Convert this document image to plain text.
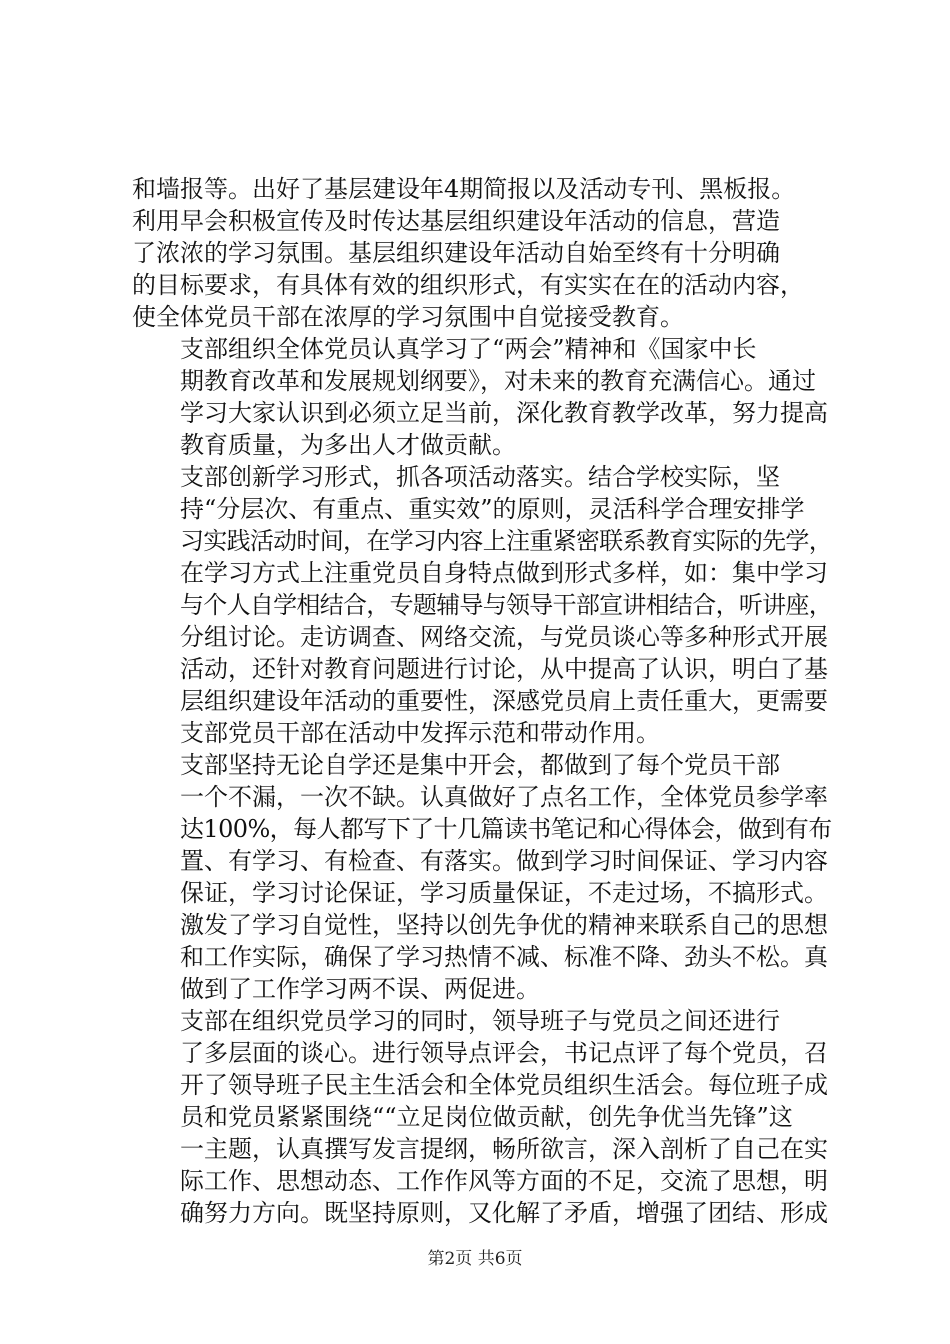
和墙报等。出好了基层建设年4期简报以及活动专刊、黑板报。
利用早会积极宣传及时传达基层组织建设年活动的信息，营造
了浓浓的学习氛围。基层组织建设年活动自始至终有十分明确
的目标要求，有具体有效的组织形式，有实实在在的活动内容，
使全体党员干部在浓厚的学习氛围中自觉接受教育。
支部组织全体党员认真学习了“两会”精神和《国家中长
期教育改革和发展规划纲要》，对未来的教育充满信心。通过
学习大家认识到必须立足当前，深化教育教学改革，努力提高
教育质量，为多出人才做贡献。
支部创新学习形式，抓各项活动落实。结合学校实际，坚
持“分层次、有重点、重实效”的原则，灵活科学合理安排学
习实践活动时间，在学习内容上注重紧密联系教育实际的先学，
在学习方式上注重党员自身特点做到形式多样，如：集中学习
与个人自学相结合，专题辅导与领导干部宣讲相结合，听讲座，
分组讨论。走访调查、网络交流，与党员谈心等多种形式开展
活动，还针对教育问题进行讨论，从中提高了认识，明白了基
层组织建设年活动的重要性，深感党员肩上责任重大，更需要
支部党员干部在活动中发挥示范和带动作用。
支部坚持无论自学还是集中开会，都做到了每个党员干部
一个不漏，一次不缺。认真做好了点名工作，全体党员参学率
达100%，每人都写下了十几篇读书笔记和心得体会，做到有布
置、有学习、有检查、有落实。做到学习时间保证、学习内容
保证，学习讨论保证，学习质量保证，不走过场，不搞形式。
激发了学习自觉性，坚持以创先争优的精神来联系自己的思想
和工作实际，确保了学习热情不减、标准不降、劲头不松。真
做到了工作学习两不误、两促进。
支部在组织党员学习的同时，领导班子与党员之间还进行
了多层面的谈心。进行领导点评会，书记点评了每个党员，召
开了领导班子民主生活会和全体党员组织生活会。每位班子成
员和党员紧紧围绕““立足岗位做贡献，创先争优当先锋”这
一主题，认真撰写发言提纲，畅所欲言，深入剖析了自己在实
际工作、思想动态、工作作风等方面的不足，交流了思想，明
确努力方向。既坚持原则，又化解了矛盾，增强了团结、形成
第2页 共6页
